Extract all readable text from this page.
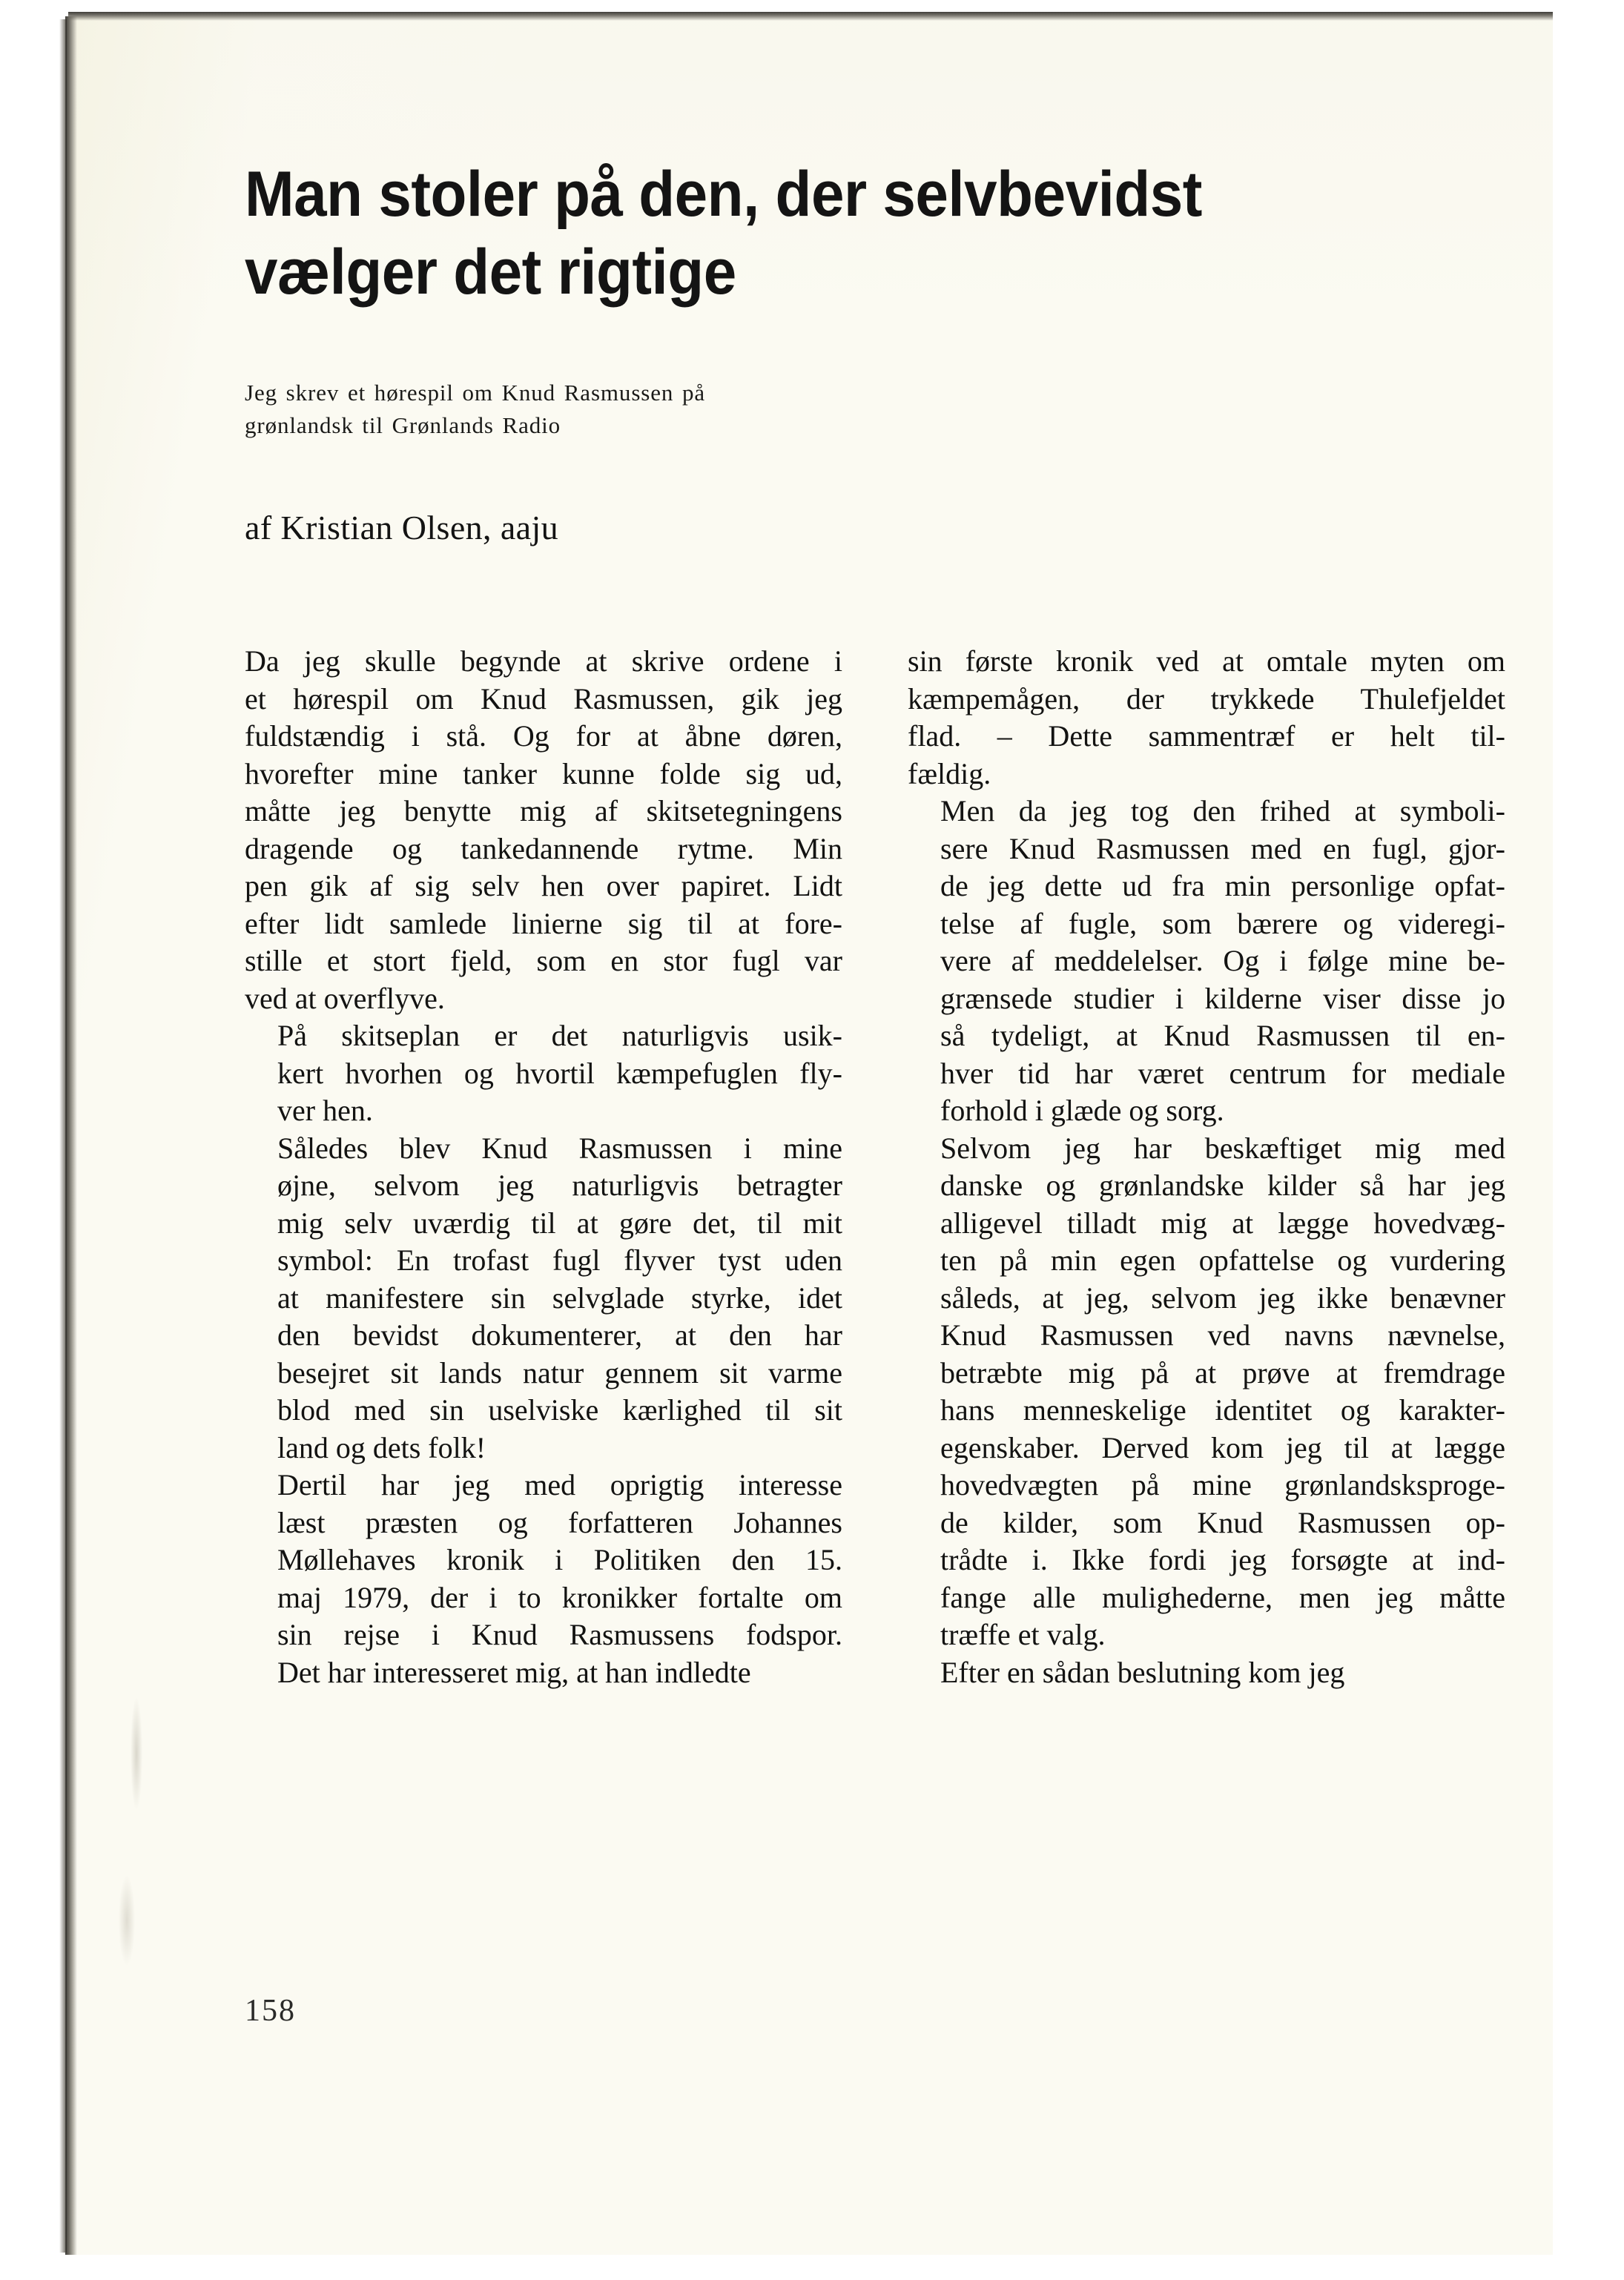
Man stoler på den, der selvbevidst
vælger det rigtige
Jeg skrev et hørespil om Knud Rasmussen på
grønlandsk til Grønlands Radio
af Kristian Olsen, aaju

Da jeg skulle begynde at skrive ordene i
et hørespil om Knud Rasmussen, gik jeg
fuldstændig i stå. Og for at åbne døren,
hvorefter mine tanker kunne folde sig ud,
måtte jeg benytte mig af skitsetegningens
dragende og tankedannende rytme. Min
pen gik af sig selv hen over papiret. Lidt
efter lidt samlede linierne sig til at fore-
stille et stort fjeld, som en stor fugl var
ved at overflyve.

På skitseplan er det naturligvis usik-
kert hvorhen og hvortil kæmpefuglen fly-
ver hen.

Således blev Knud Rasmussen i mine
øjne, selvom jeg naturligvis betragter
mig selv uværdig til at gøre det, til mit
symbol: En trofast fugl flyver tyst uden
at manifestere sin selvglade styrke, idet
den bevidst dokumenterer, at den har
besejret sit lands natur gennem sit varme
blod med sin uselviske kærlighed til sit
land og dets folk!

Dertil har jeg med oprigtig interesse
læst præsten og forfatteren Johannes
Møllehaves kronik i Politiken den 15.
maj 1979, der i to kronikker fortalte om
sin rejse i Knud Rasmussens fodspor.
Det har interesseret mig, at han indledte

sin første kronik ved at omtale myten om
kæmpemågen, der trykkede Thulefjeldet
flad. – Dette sammentræf er helt til-
fældig.

Men da jeg tog den frihed at symboli-
sere Knud Rasmussen med en fugl, gjor-
de jeg dette ud fra min personlige opfat-
telse af fugle, som bærere og videregi-
vere af meddelelser. Og i følge mine be-
grænsede studier i kilderne viser disse jo
så tydeligt, at Knud Rasmussen til en-
hver tid har været centrum for mediale
forhold i glæde og sorg.

Selvom jeg har beskæftiget mig med
danske og grønlandske kilder så har jeg
alligevel tilladt mig at lægge hovedvæg-
ten på min egen opfattelse og vurdering
såleds, at jeg, selvom jeg ikke benævner
Knud Rasmussen ved navns nævnelse,
betræbte mig på at prøve at fremdrage
hans menneskelige identitet og karakter-
egenskaber. Derved kom jeg til at lægge
hovedvægten på mine grønlandsksproge-
de kilder, som Knud Rasmussen op-
trådte i. Ikke fordi jeg forsøgte at ind-
fange alle mulighederne, men jeg måtte
træffe et valg.

Efter en sådan beslutning kom jeg

158
